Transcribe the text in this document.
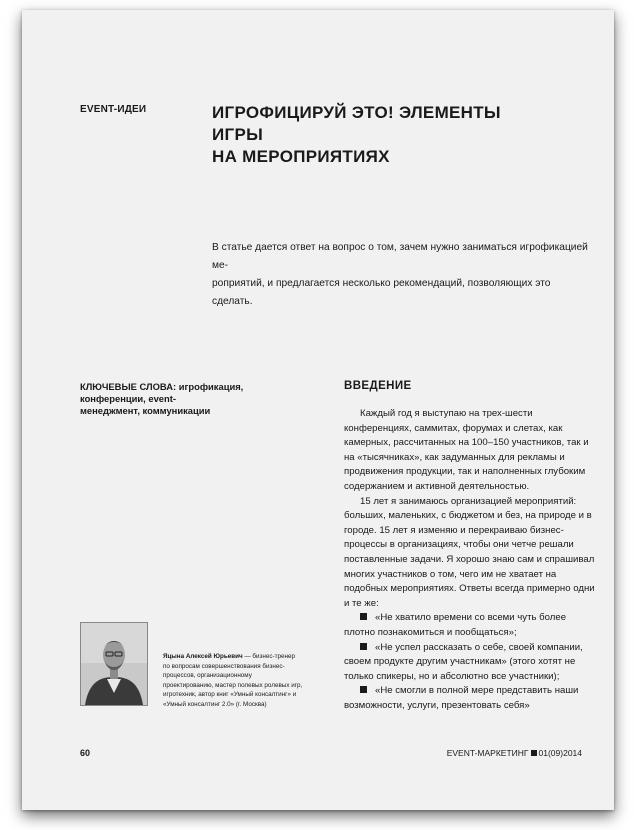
EVENT-ИДЕИ	ИГРОФИЦИРУЙ ЭТО! ЭЛЕМЕНТЫ ИГРЫ
НА МЕРОПРИЯТИЯХ
В статье дается ответ на вопрос о том, зачем нужно заниматься игрофикацией ме-
роприятий, и предлагается несколько рекомендаций, позволяющих это сделать.
КЛЮЧЕВЫЕ СЛОВА: игрофикация, конференции, event-
менеджмент, коммуникации
ВВЕДЕНИЕ

Каждый год я выступаю на трех-шести конференциях, саммитах, форумах и слетах, как камерных, рассчитанных на 100–150 участников, так и на «тысячниках», как задуманных для рекламы и продвижения продукции, так и наполненных глубоким содержанием и активной деятельностью.

15 лет я занимаюсь организацией мероприятий: больших, маленьких, с бюджетом и без, на природе и в городе. 15 лет я изменяю и перекраиваю бизнес-процессы в организациях, чтобы они четче решали поставленные задачи. Я хорошо знаю сам и спрашивал многих участников о том, чего им не хватает на подобных мероприятиях. Ответы всегда примерно одни и те же:

«Не хватило времени со всеми чуть более плотно познакомиться и пообщаться»;
«Не успел рассказать о себе, своей компании, своем продукте другим участникам» (этого хотят не только спикеры, но и абсолютно все участники);
«Не смогли в полной мере представить наши возможности, услуги, презентовать себя»
Яцына Алексей Юрьевич — бизнес-тренер по вопросам совершенствования бизнес-процессов, организационному проектированию, мастер полевых ролевых игр, игротехник, автор книг «Умный консалтинг» и «Умный консалтинг 2.0» (г. Москва)
60	EVENT-МАРКЕТИНГ 01(09)2014
